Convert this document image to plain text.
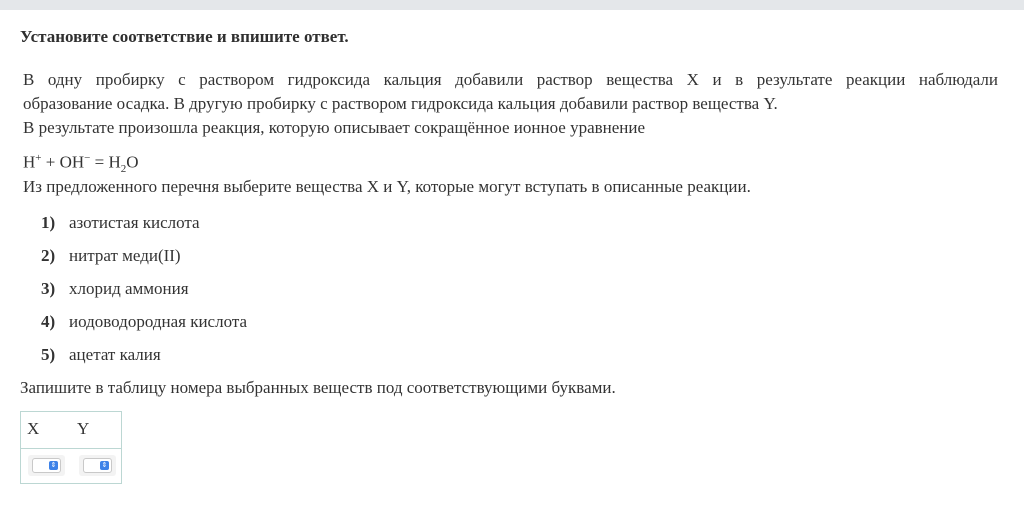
Установите соответствие и впишите ответ.

В одну пробирку с раствором гидроксида кальция добавили раствор вещества X и в результате реакции наблюдали
образование осадка. В другую пробирку с раствором гидроксида кальция добавили раствор вещества Y.
В результате произошла реакция, которую описывает сокращённое ионное уравнение
$H^+ + OH^- = H_2O$
Из предложенного перечня выберите вещества X и Y, которые могут вступать в описанные реакции.
1) азотистая кислота
2) нитрат меди(II)
3) хлорид аммония
4) иодоводородная кислота
5) ацетат калия
Запишите в таблицу номера выбранных веществ под соответствующими буквами.
X Y
⇕	⇕
